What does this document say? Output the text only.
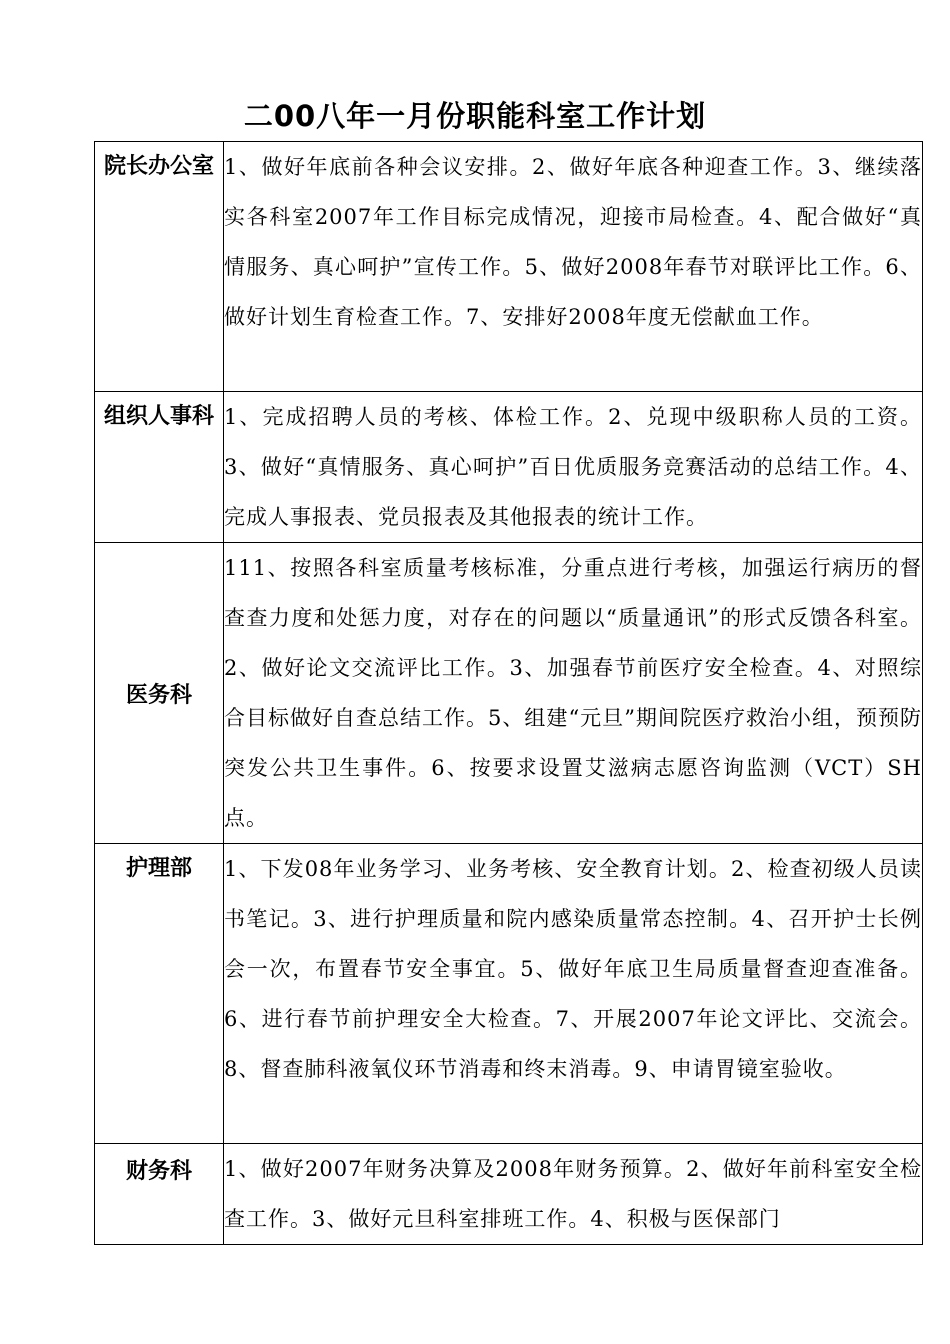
二00八年一月份职能科室工作计划
院长办公室	1、做好年底前各种会议安排。2、做好年底各种迎查工作。3、继续落实各科室2007年工作目标完成情况，迎接市局检查。4、配合做好“真情服务、真心呵护”宣传工作。5、做好2008年春节对联评比工作。6、做好计划生育检查工作。7、安排好2008年度无偿献血工作。
组织人事科	1、完成招聘人员的考核、体检工作。2、兑现中级职称人员的工资。3、做好“真情服务、真心呵护”百日优质服务竞赛活动的总结工作。4、完成人事报表、党员报表及其他报表的统计工作。
医务科	111、按照各科室质量考核标准，分重点进行考核，加强运行病历的督查查力度和处惩力度，对存在的问题以“质量通讯”的形式反馈各科室。2、做好论文交流评比工作。3、加强春节前医疗安全检查。4、对照综合目标做好自查总结工作。5、组建“元旦”期间院医疗救治小组，预预防突发公共卫生事件。6、按要求设置艾滋病志愿咨询监测（VCT）SH点。
护理部	1、下发08年业务学习、业务考核、安全教育计划。2、检查初级人员读书笔记。3、进行护理质量和院内感染质量常态控制。4、召开护士长例会一次，布置春节安全事宜。5、做好年底卫生局质量督查迎查准备。6、进行春节前护理安全大检查。7、开展2007年论文评比、交流会。8、督查肺科液氧仪环节消毒和终末消毒。9、申请胃镜室验收。
财务科	1、做好2007年财务决算及2008年财务预算。2、做好年前科室安全检查工作。3、做好元旦科室排班工作。4、积极与医保部门
